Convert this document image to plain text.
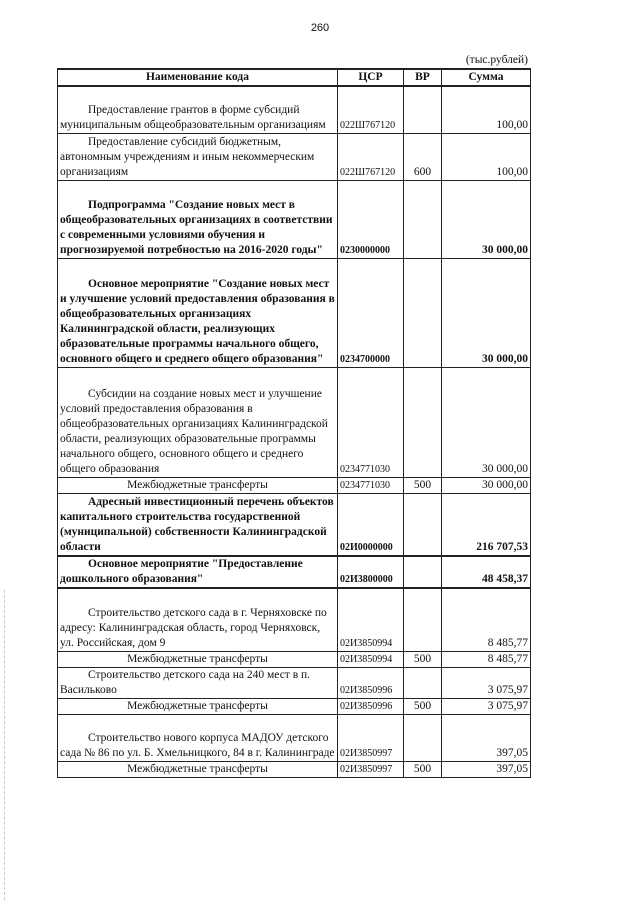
260
(тыс.рублей)
Наименование кода	ЦСР	ВР	Сумма
Предоставление грантов в форме субсидий муниципальным общеобразовательным организациям	022Ш767120		100,00
Предоставление субсидий бюджетным, автономным учреждениям и иным некоммерческим организациям	022Ш767120	600	100,00
Подпрограмма "Создание новых мест в общеобразовательных организациях в соответствии с современными условиями обучения и прогнозируемой потребностью на 2016-2020 годы"	0230000000		30 000,00
Основное мероприятие "Создание новых мест и улучшение условий предоставления образования в общеобразовательных организациях Калининградской области, реализующих образовательные программы начального общего, основного общего и среднего общего образования"	0234700000		30 000,00
Субсидии на создание новых мест и улучшение условий предоставления образования в общеобразовательных организациях Калининградской области, реализующих образовательные программы начального общего, основного общего и среднего общего образования	0234771030		30 000,00
Межбюджетные трансферты	0234771030	500	30 000,00
Адресный инвестиционный перечень объектов капитального строительства государственной (муниципальной) собственности Калининградской области	02И0000000		216 707,53
Основное мероприятие "Предоставление дошкольного образования"	02И3800000		48 458,37
Строительство детского сада в г. Черняховске по адресу: Калининградская область, город Черняховск, ул. Российская, дом 9	02И3850994		8 485,77
Межбюджетные трансферты	02И3850994	500	8 485,77
Строительство детского сада на 240 мест в п. Васильково	02И3850996		3 075,97
Межбюджетные трансферты	02И3850996	500	3 075,97
Строительство нового корпуса МАДОУ детского сада № 86 по ул. Б. Хмельницкого, 84 в г. Калининграде	02И3850997		397,05
Межбюджетные трансферты	02И3850997	500	397,05
